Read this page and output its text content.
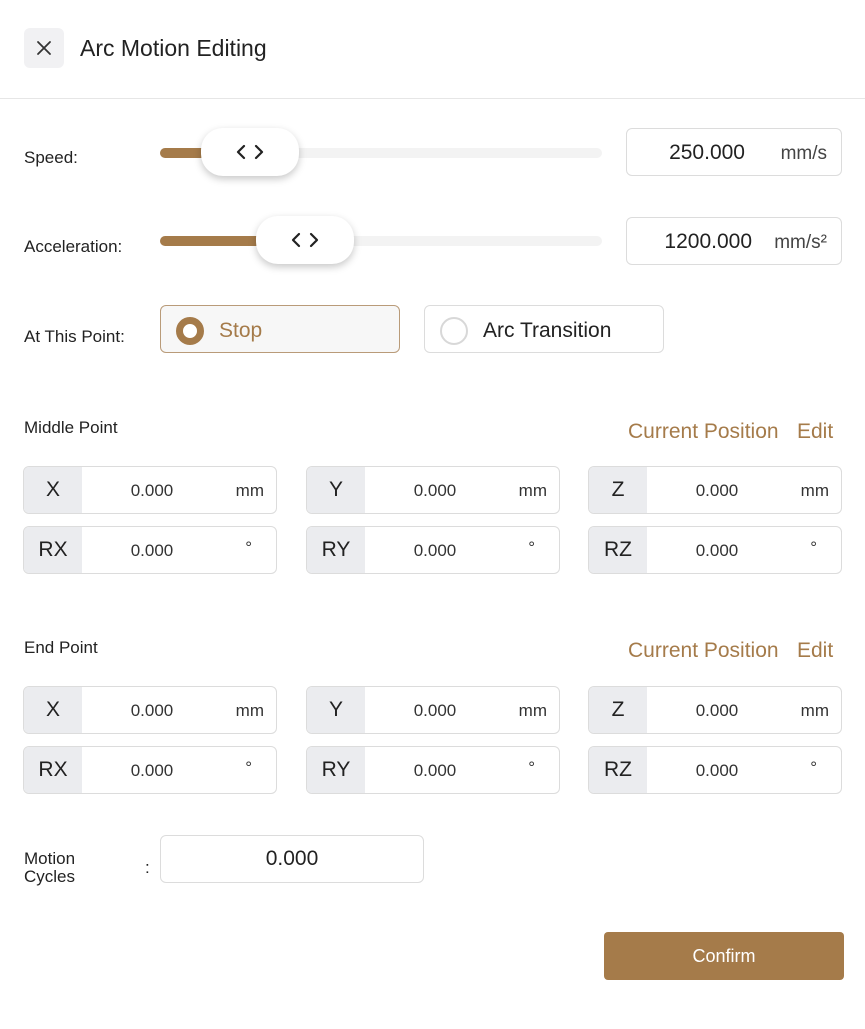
Arc Motion Editing
Speed:	250.000 mm/s
Acceleration:	1200.000 mm/s²
At This Point:	Stop	Arc Transition
Middle Point	Current Position Edit
X	0.000	mm	Y	0.000	mm	Z	0.000	mm
RX	0.000	°	RY	0.000	°	RZ	0.000	°
End Point	Current Position Edit
X	0.000	mm	Y	0.000	mm	Z	0.000	mm
RX	0.000	°	RY	0.000	°	RZ	0.000	°
Motion
Cycles	:	0.000
Confirm
